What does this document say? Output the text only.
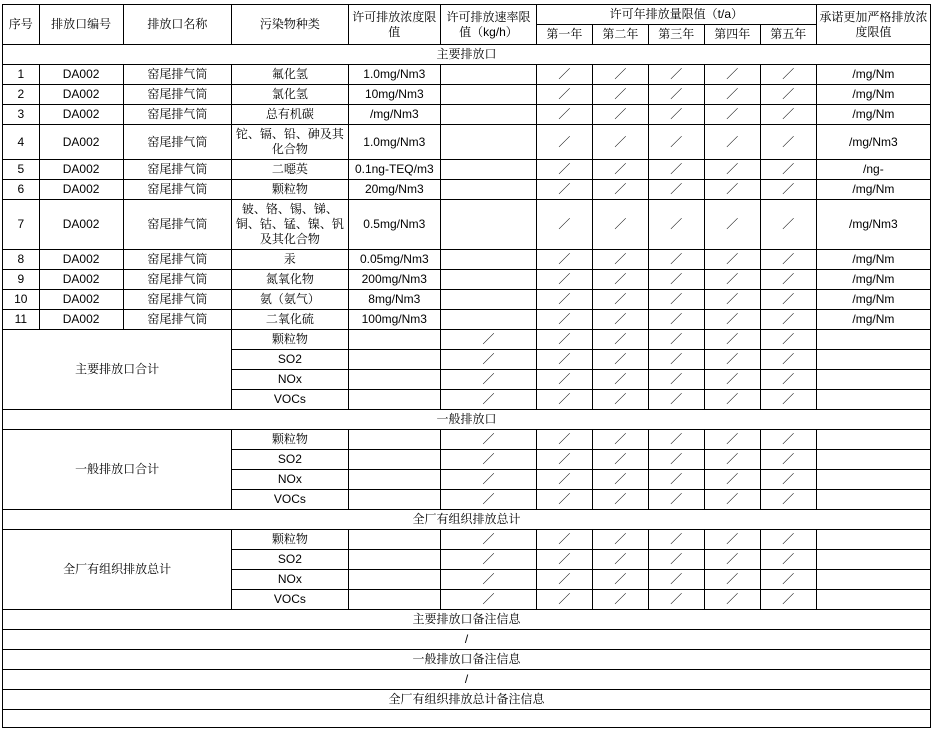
序号	排放口编号	排放口名称	污染物种类	许可排放浓度限值	许可排放速率限值（kg/h）	许可年排放量限值（t/a）					承诺更加严格排放浓度限值
						第一年	第二年	第三年	第四年	第五年	
主要排放口											
1	DA002	窑尾排气筒	氟化氢	1.0mg/Nm3		／	／	／	／	／	/mg/Nm
2	DA002	窑尾排气筒	氯化氢	10mg/Nm3		／	／	／	／	／	/mg/Nm
3	DA002	窑尾排气筒	总有机碳	/mg/Nm3		／	／	／	／	／	/mg/Nm
4	DA002	窑尾排气筒	铊、镉、铅、砷及其化合物	1.0mg/Nm3		／	／	／	／	／	/mg/Nm3
5	DA002	窑尾排气筒	二噁英	0.1ng-TEQ/m3		／	／	／	／	／	/ng-
6	DA002	窑尾排气筒	颗粒物	20mg/Nm3		／	／	／	／	／	/mg/Nm
7	DA002	窑尾排气筒	铍、铬、锡、锑、铜、钴、锰、镍、钒及其化合物	0.5mg/Nm3		／	／	／	／	／	/mg/Nm3
8	DA002	窑尾排气筒	汞	0.05mg/Nm3		／	／	／	／	／	/mg/Nm
9	DA002	窑尾排气筒	氮氧化物	200mg/Nm3		／	／	／	／	／	/mg/Nm
10	DA002	窑尾排气筒	氨（氨气）	8mg/Nm3		／	／	／	／	／	/mg/Nm
11	DA002	窑尾排气筒	二氧化硫	100mg/Nm3		／	／	／	／	／	/mg/Nm
主要排放口合计			颗粒物		／	／	／	／	／	／	
			SO2		／	／	／	／	／	／	
			NOx		／	／	／	／	／	／	
			VOCs		／	／	／	／	／	／	
一般排放口											
一般排放口合计			颗粒物		／	／	／	／	／	／	
			SO2		／	／	／	／	／	／	
			NOx		／	／	／	／	／	／	
			VOCs		／	／	／	／	／	／	
全厂有组织排放总计											
全厂有组织排放总计			颗粒物		／	／	／	／	／	／	
			SO2		／	／	／	／	／	／	
			NOx		／	／	／	／	／	／	
			VOCs		／	／	／	／	／	／	
主要排放口备注信息											
/											
一般排放口备注信息											
/											
全厂有组织排放总计备注信息											
